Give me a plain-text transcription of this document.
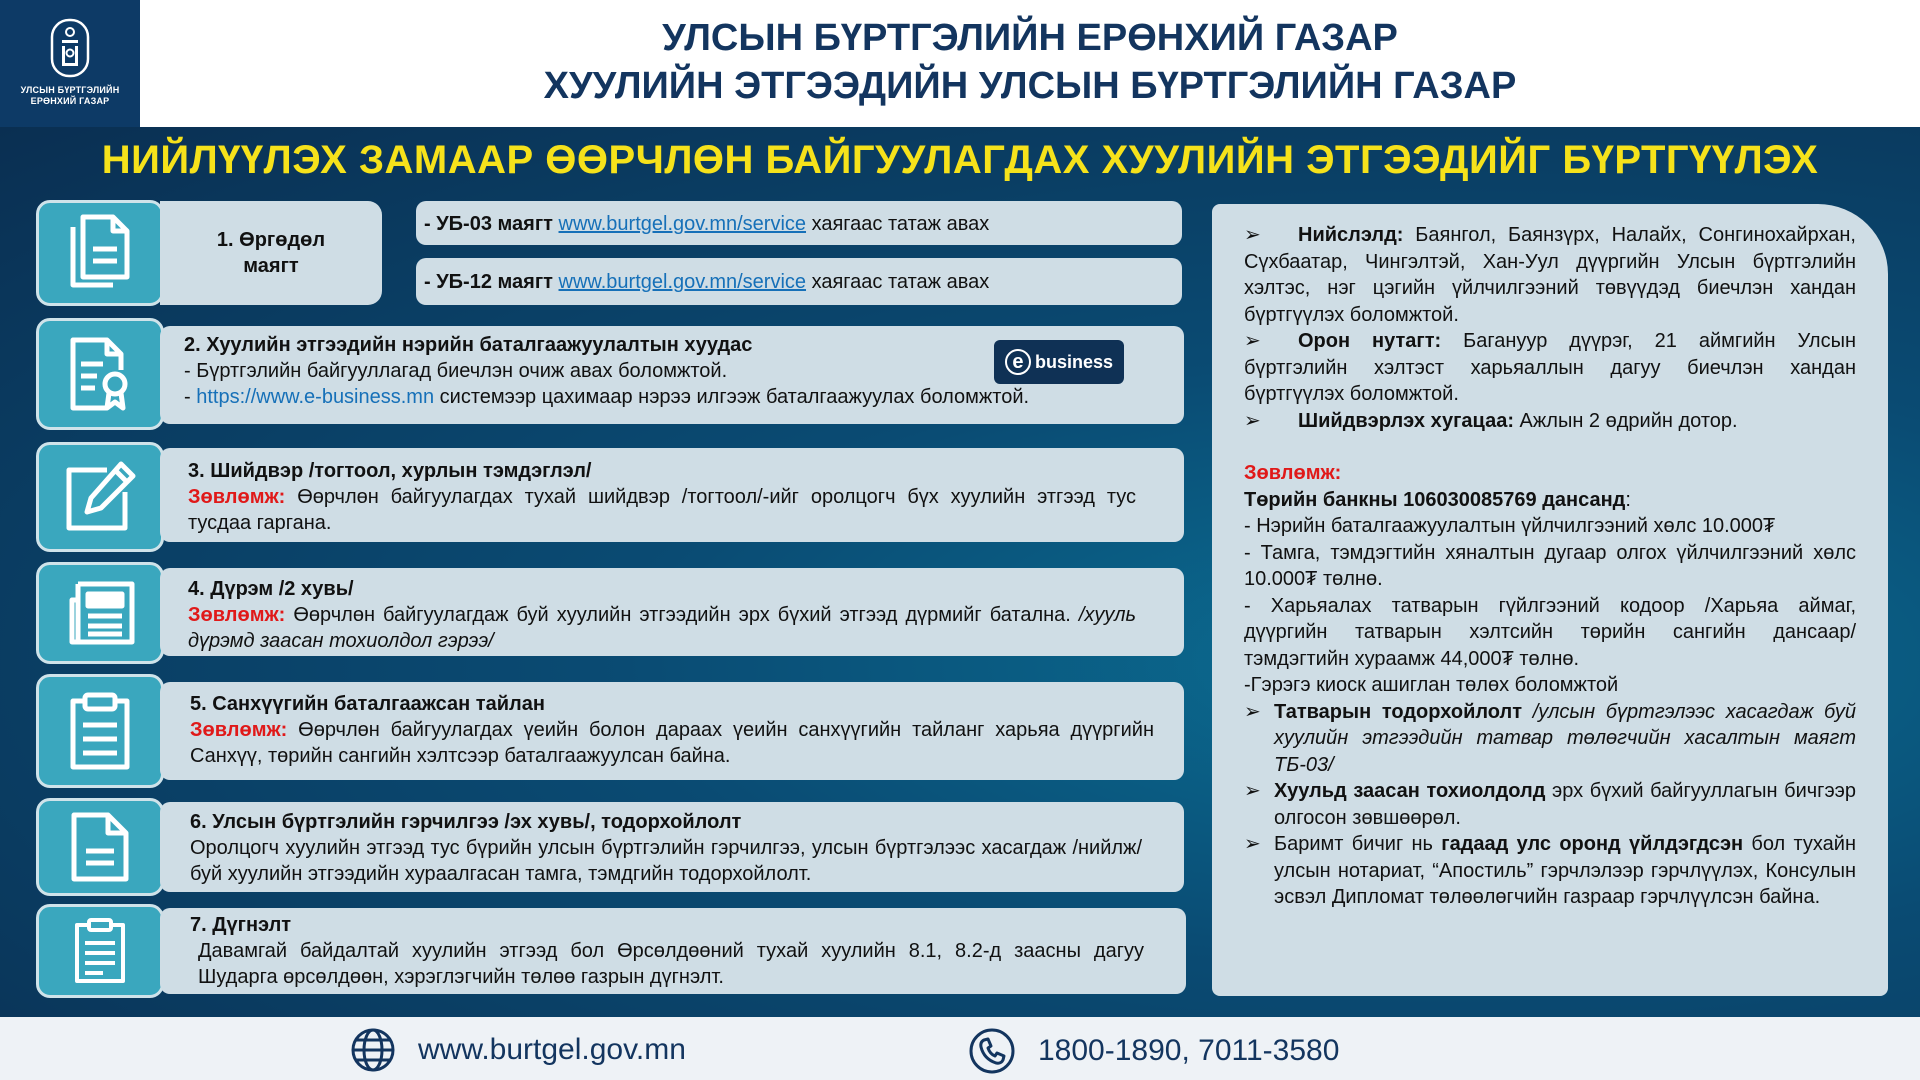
УЛСЫН БҮРТГЭЛИЙН
ЕРӨНХИЙ ГАЗАР
УЛСЫН БҮРТГЭЛИЙН ЕРӨНХИЙ ГАЗАР
ХУУЛИЙН ЭТГЭЭДИЙН УЛСЫН БҮРТГЭЛИЙН ГАЗАР
НИЙЛҮҮЛЭХ ЗАМААР ӨӨРЧЛӨН БАЙГУУЛАГДАХ ХУУЛИЙН ЭТГЭЭДИЙГ БҮРТГҮҮЛЭХ
1. Өргөдөл маягт
- УБ-03 маягт www.burtgel.gov.mn/service хаягаас татаж авах
- УБ-12 маягт www.burtgel.gov.mn/service хаягаас татаж авах
2. Хуулийн этгээдийн нэрийн баталгаажуулалтын хуудас
- Бүртгэлийн байгууллагад биечлэн очиж авах боломжтой.
- https://www.e-business.mn системээр цахимаар нэрээ илгээж баталгаажуулах боломжтой.
e business
3. Шийдвэр /тогтоол, хурлын тэмдэглэл/
Зөвлөмж: Өөрчлөн байгуулагдах тухай шийдвэр /тогтоол/-ийг оролцогч бүх хуулийн этгээд тус тусдаа гаргана.
4. Дүрэм /2 хувь/
Зөвлөмж: Өөрчлөн байгуулагдаж буй хуулийн этгээдийн эрх бүхий этгээд дүрмийг батална. /хууль дүрэмд заасан тохиолдол гэрээ/
5. Санхүүгийн баталгаажсан тайлан
Зөвлөмж: Өөрчлөн байгуулагдах үеийн болон дараах үеийн санхүүгийн тайланг харьяа дүүргийн Санхүү, төрийн сангийн хэлтсээр баталгаажуулсан байна.
6. Улсын бүртгэлийн гэрчилгээ /эх хувь/, тодорхойлолт
Оролцогч хуулийн этгээд тус бүрийн улсын бүртгэлийн гэрчилгээ, улсын бүртгэлээс хасагдаж /нийлж/ буй хуулийн этгээдийн хураалгасан тамга, тэмдгийн тодорхойлолт.
7. Дүгнэлт
Давамгай байдалтай хуулийн этгээд бол Өрсөлдөөний тухай хуулийн 8.1, 8.2-д заасны дагуу Шударга өрсөлдөөн, хэрэглэгчийн төлөө газрын дүгнэлт.
➢	Нийслэлд: Баянгол, Баянзүрх, Налайх, Сонгинохайрхан, Сүхбаатар, Чингэлтэй, Хан-Уул дүүргийн Улсын бүртгэлийн хэлтэс, нэг цэгийн үйлчилгээний төвүүдэд биечлэн хандан бүртгүүлэх боломжтой.
➢	Орон нутагт: Багануур дүүрэг, 21 аймгийн Улсын бүртгэлийн хэлтэст харьяаллын дагуу биечлэн хандан бүртгүүлэх боломжтой.
➢	Шийдвэрлэх хугацаа: Ажлын 2 өдрийн дотор.

Зөвлөмж:

Төрийн банкны 106030085769 дансанд:

- Нэрийн баталгаажуулалтын үйлчилгээний хөлс 10.000₮

- Тамга, тэмдэгтийн хяналтын дугаар олгох үйлчилгээний хөлс 10.000₮ төлнө.

- Харьяалах татварын гүйлгээний кодоор /Харьяа аймаг, дүүргийн татварын хэлтсийн төрийн сангийн дансаар/ тэмдэгтийн хураамж 44,000₮ төлнө.

-Гэрэгэ киоск ашиглан төлөх боломжтой

➢ Татварын тодорхойлолт /улсын бүртгэлээс хасагдаж буй хуулийн этгээдийн татвар төлөгчийн хасалтын маягт ТБ-03/
➢ Хуульд заасан тохиолдолд эрх бүхий байгууллагын бичгээр олгосон зөвшөөрөл.
➢ Баримт бичиг нь гадаад улс оронд үйлдэгдсэн бол тухайн улсын нотариат, “Апостиль” гэрчлэлээр гэрчлүүлэх, Консулын эсвэл Дипломат төлөөлөгчийн газраар гэрчлүүлсэн байна.
www.burtgel.gov.mn	1800-1890, 7011-3580
